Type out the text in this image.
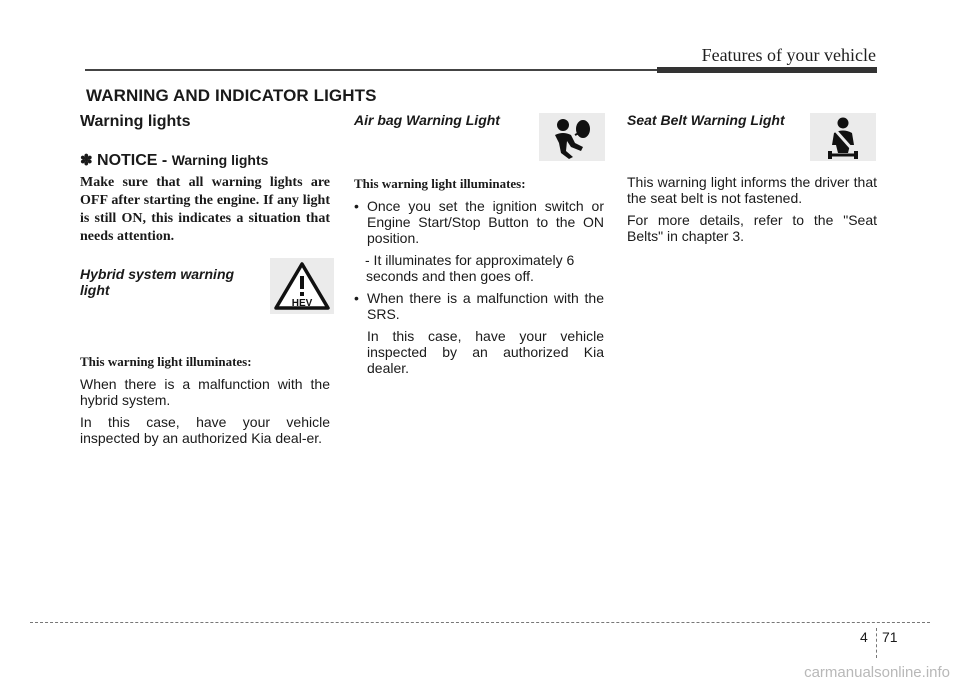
Features of your vehicle
WARNING AND INDICATOR LIGHTS
Warning lights
✽ NOTICE - Warning lights
Make sure that all warning lights are OFF after starting the engine. If any light is still ON, this indicates a situation that needs attention.
Hybrid system warning
light
This warning light illuminates:

When there is a malfunction with the hybrid system.

In this case, have your vehicle inspected by an authorized Kia deal-er.

HEV
Air bag Warning Light
This warning light illuminates:
• Once you set the ignition switch or Engine Start/Stop Button to the ON position.
- It illuminates for approximately 6 seconds and then goes off.
• When there is a malfunction with the SRS.

In this case, have your vehicle inspected by an authorized Kia dealer.

Seat Belt Warning Light

This warning light informs the driver that the seat belt is not fastened.

For more details, refer to the "Seat Belts" in chapter 3.

4 71
carmanualsonline.info
